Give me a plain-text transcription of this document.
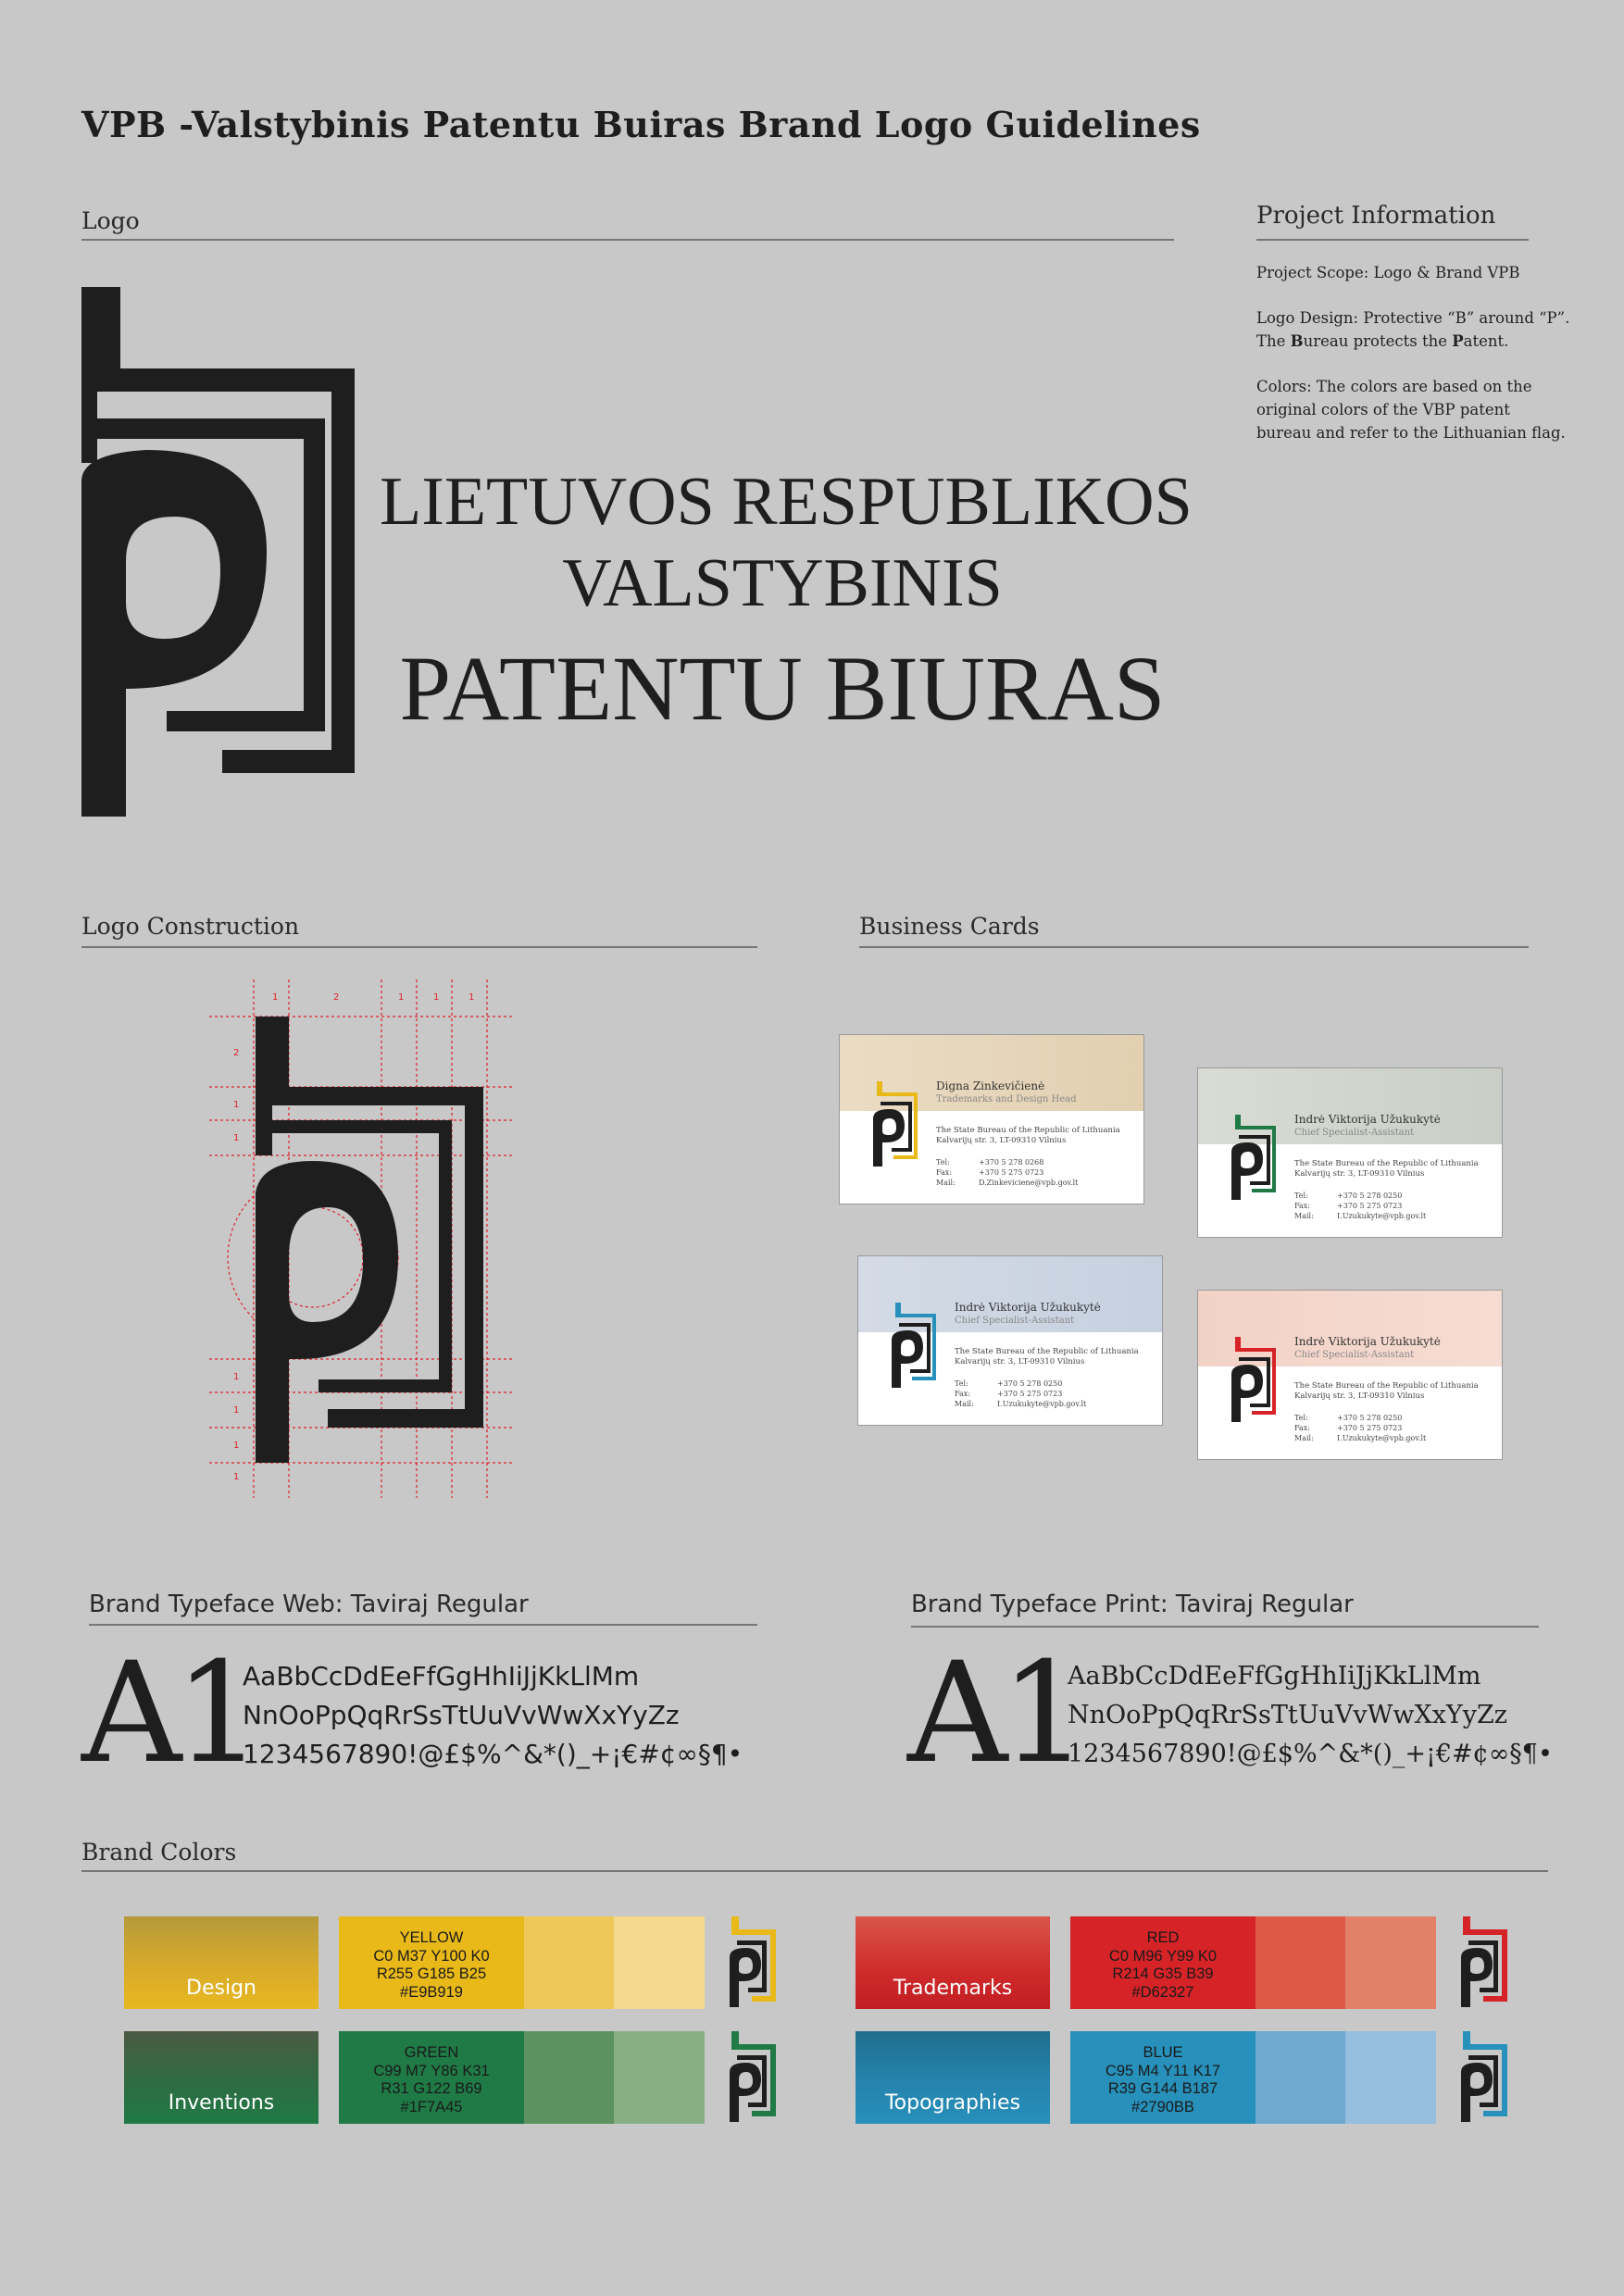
VPB -Valstybinis Patentu Buiras Brand Logo Guidelines
Logo
LIETUVOS RESPUBLIKOS
VALSTYBINIS
PATENTU BIURAS
Project Information

Project Scope: Logo & Brand VPB

Logo Design: Protective “B” around “P”.
The Bureau protects the Patent.

Colors: The colors are based on the
original colors of the VBP patent
bureau and refer to the Lithuanian flag.

Logo Construction
1	2	1	1	1
2
1
1
1
1
1
1
Business Cards
Digna Zinkevičienė
Trademarks and Design Head
The State Bureau of the Republic of Lithuania
Kalvarijų str. 3, LT-09310 Vilnius
Tel:	+370 5 278 0268
Fax:	+370 5 275 0723
Mail:	D.Zinkeviciene@vpb.gov.lt
Indrė Viktorija Užukukytė
Chief Specialist-Assistant
The State Bureau of the Republic of Lithuania
Kalvarijų str. 3, LT-09310 Vilnius
Tel:	+370 5 278 0250
Fax:	+370 5 275 0723
Mail:	I.Uzukukyte@vpb.gov.lt
Indrė Viktorija Užukukytė
Chief Specialist-Assistant
The State Bureau of the Republic of Lithuania
Kalvarijų str. 3, LT-09310 Vilnius
Tel:	+370 5 278 0250
Fax:	+370 5 275 0723
Mail:	I.Uzukukyte@vpb.gov.lt
Indrė Viktorija Užukukytė
Chief Specialist-Assistant
The State Bureau of the Republic of Lithuania
Kalvarijų str. 3, LT-09310 Vilnius
Tel:	+370 5 278 0250
Fax:	+370 5 275 0723
Mail:	I.Uzukukyte@vpb.gov.lt
Brand Typeface Web: Taviraj Regular
A1
AaBbCcDdEeFfGgHhIiJjKkLlMm
NnOoPpQqRrSsTtUuVvWwXxYyZz
1234567890!@£$%^&*()_+¡€#¢∞§¶•
Brand Typeface Print: Taviraj Regular
A1
AaBbCcDdEeFfGgHhIiJjKkLlMm
NnOoPpQqRrSsTtUuVvWwXxYyZz
1234567890!@£$%^&*()_+¡€#¢∞§¶•
Brand Colors
Design
YELLOW
C0 M37 Y100 K0
R255 G185 B25
#E9B919	Trademarks
RED
C0 M96 Y99 K0
R214 G35 B39
#D62327
Inventions
GREEN
C99 M7 Y86 K31
R31 G122 B69
#1F7A45	Topographies
BLUE
C95 M4 Y11 K17
R39 G144 B187
#2790BB
